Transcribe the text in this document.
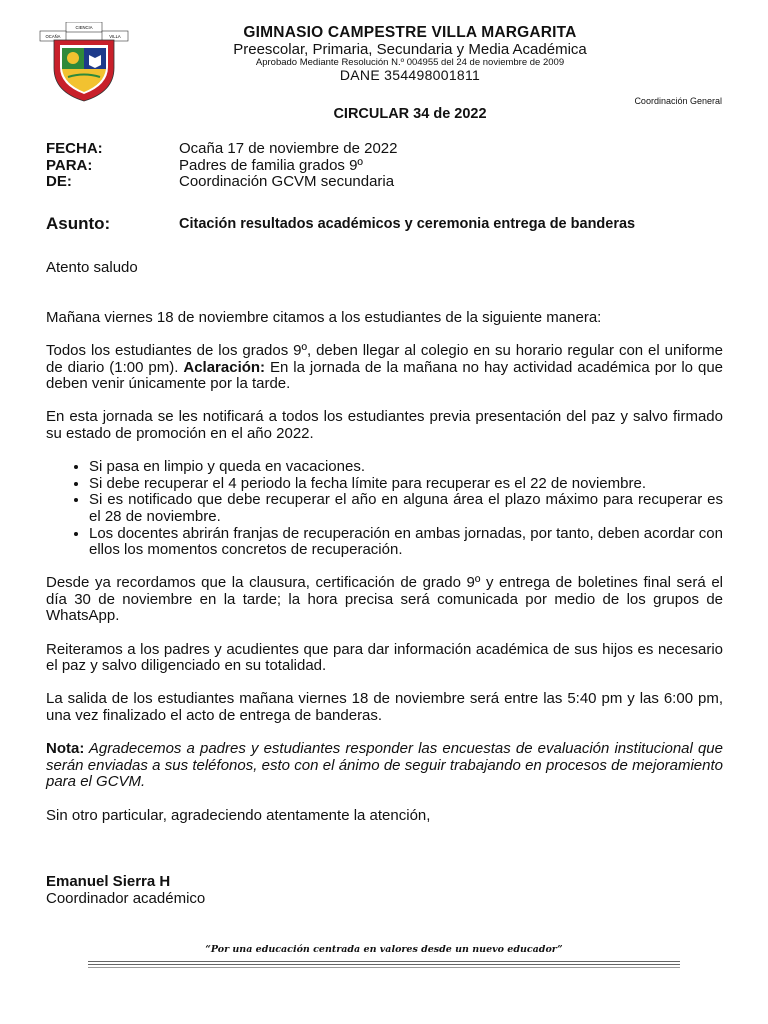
CIENCIA
OCAÑA	VILLA	GIMNASIO CAMPESTRE VILLA MARGARITA
Preescolar, Primaria, Secundaria y Media Académica
Aprobado Mediante Resolución N.º 004955 del 24 de noviembre de 2009
DANE 354498001811
Coordinación General
CIRCULAR 34 de 2022
FECHA:	Ocaña 17 de noviembre de 2022
PARA:	Padres de familia grados 9º
DE:	Coordinación GCVM secundaria
Asunto:	Citación resultados académicos y ceremonia entrega de banderas

Atento saludo

Mañana viernes 18 de noviembre citamos a los estudiantes de la siguiente manera:

Todos los estudiantes de los grados 9º, deben llegar al colegio en su horario regular con el uniforme de diario (1:00 pm). Aclaración: En la jornada de la mañana no hay actividad académica por lo que deben venir únicamente por la tarde.

En esta jornada se les notificará a todos los estudiantes previa presentación del paz y salvo firmado su estado de promoción en el año 2022.

• Si pasa en limpio y queda en vacaciones.
• Si debe recuperar el 4 periodo la fecha límite para recuperar es el 22 de noviembre.
• Si es notificado que debe recuperar el año en alguna área el plazo máximo para recuperar es el 28 de noviembre.
• Los docentes abrirán franjas de recuperación en ambas jornadas, por tanto, deben acordar con ellos los momentos concretos de recuperación.

Desde ya recordamos que la clausura, certificación de grado 9º y entrega de boletines final será el día 30 de noviembre en la tarde; la hora precisa será comunicada por medio de los grupos de WhatsApp.

Reiteramos a los padres y acudientes que para dar información académica de sus hijos es necesario el paz y salvo diligenciado en su totalidad.

La salida de los estudiantes mañana viernes 18 de noviembre será entre las 5:40 pm y las 6:00 pm, una vez finalizado el acto de entrega de banderas.

Nota: Agradecemos a padres y estudiantes responder las encuestas de evaluación institucional que serán enviadas a sus teléfonos, esto con el ánimo de seguir trabajando en procesos de mejoramiento para el GCVM.

Sin otro particular, agradeciendo atentamente la atención,

Emanuel Sierra H
Coordinador académico
“Por una educación centrada en valores desde un nuevo educador”
